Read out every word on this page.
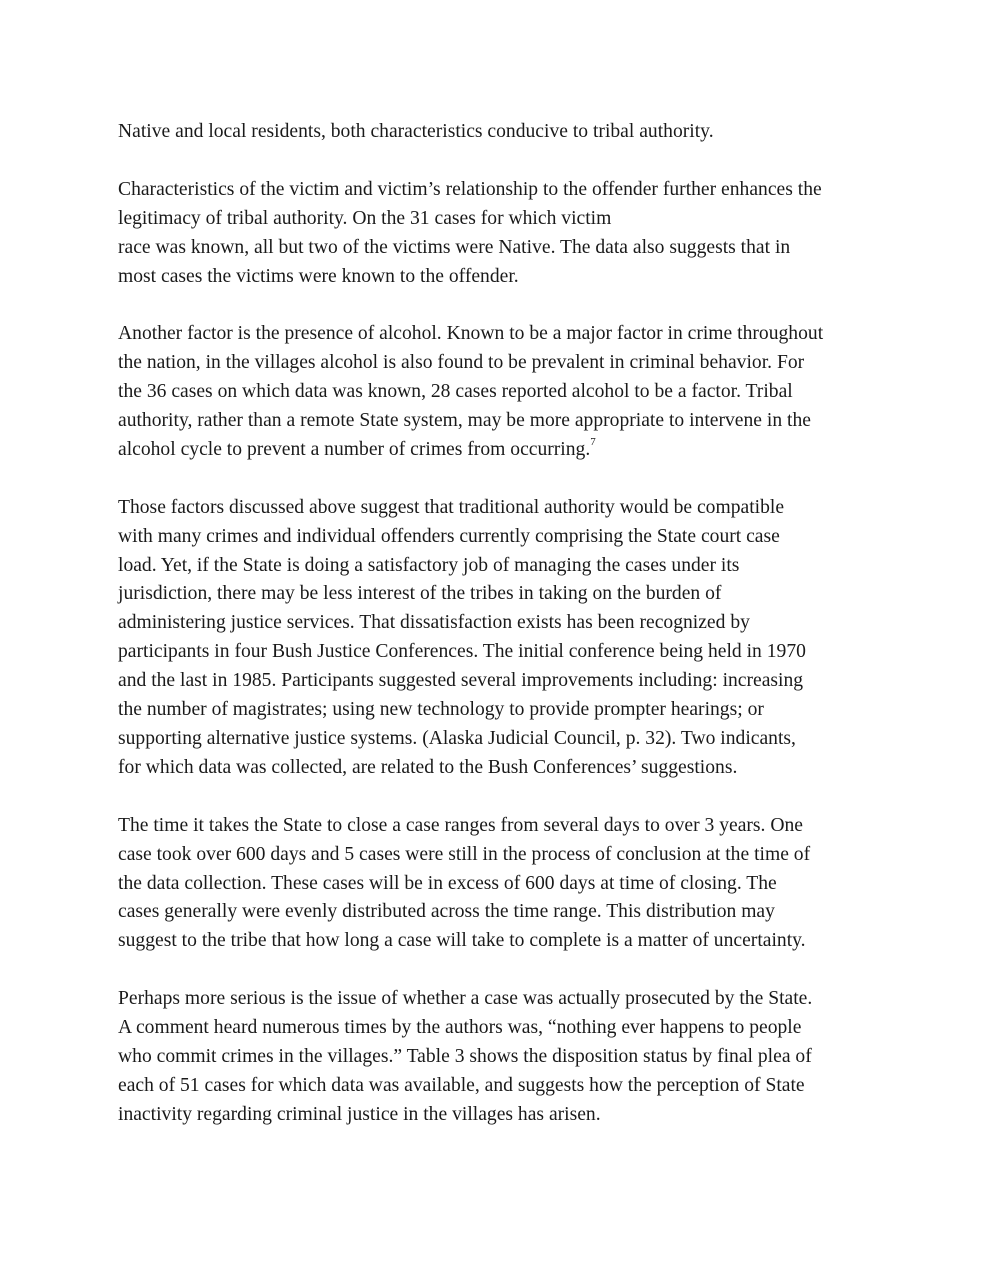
Native and local residents, both characteristics conducive to tribal authority.

Characteristics of the victim and victim’s relationship to the offender further enhances the
legitimacy of tribal authority. On the 31 cases for which victim
race was known, all but two of the victims were Native. The data also suggests that in
most cases the victims were known to the offender.

Another factor is the presence of alcohol. Known to be a major factor in crime throughout
the nation, in the villages alcohol is also found to be prevalent in criminal behavior. For
the 36 cases on which data was known, 28 cases reported alcohol to be a factor. Tribal
authority, rather than a remote State system, may be more appropriate to intervene in the
alcohol cycle to prevent a number of crimes from occurring.$^7$

Those factors discussed above suggest that traditional authority would be compatible
with many crimes and individual offenders currently comprising the State court case
load. Yet, if the State is doing a satisfactory job of managing the cases under its
jurisdiction, there may be less interest of the tribes in taking on the burden of
administering justice services. That dissatisfaction exists has been recognized by
participants in four Bush Justice Conferences. The initial conference being held in 1970
and the last in 1985. Participants suggested several improvements including: increasing
the number of magistrates; using new technology to provide prompter hearings; or
supporting alternative justice systems. (Alaska Judicial Council, p. 32). Two indicants,
for which data was collected, are related to the Bush Conferences’ suggestions.

The time it takes the State to close a case ranges from several days to over 3 years. One
case took over 600 days and 5 cases were still in the process of conclusion at the time of
the data collection. These cases will be in excess of 600 days at time of closing. The
cases generally were evenly distributed across the time range. This distribution may
suggest to the tribe that how long a case will take to complete is a matter of uncertainty.

Perhaps more serious is the issue of whether a case was actually prosecuted by the State.
A comment heard numerous times by the authors was, “nothing ever happens to people
who commit crimes in the villages.” Table 3 shows the disposition status by final plea of
each of 51 cases for which data was available, and suggests how the perception of State
inactivity regarding criminal justice in the villages has arisen.
